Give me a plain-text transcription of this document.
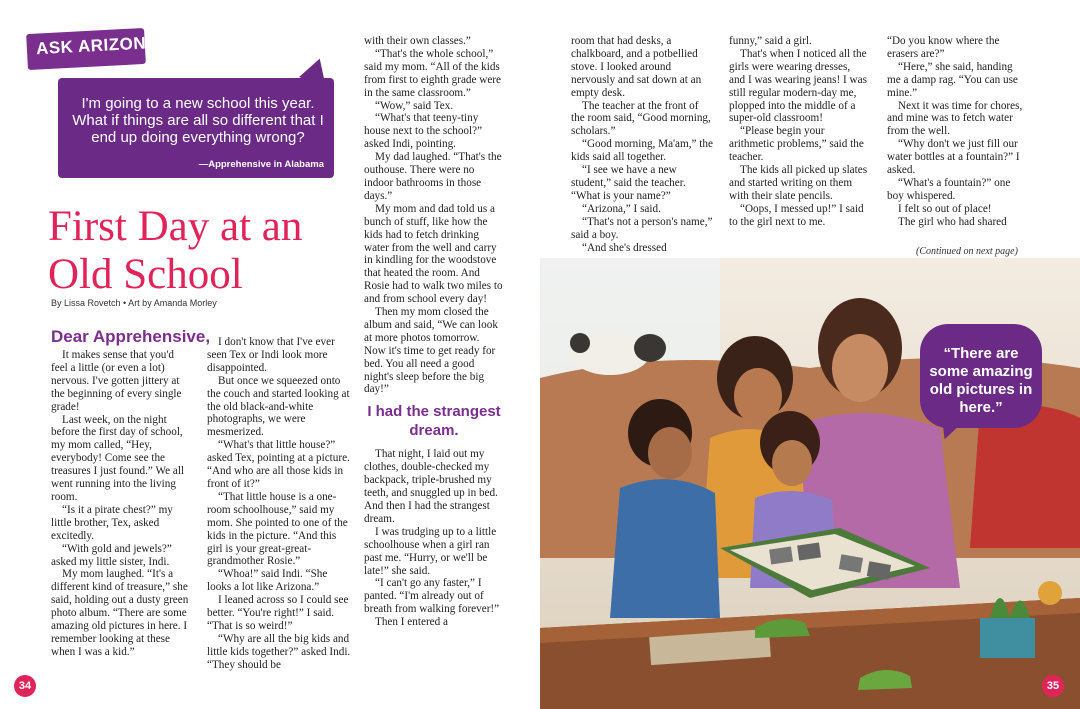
ASK ARIZONA
I'm going to a new school this year. What if things are all so different that I end up doing everything wrong?
—Apprehensive in Alabama
First Day at an Old School
By Lissa Rovetch • Art by Amanda Morley
Dear Apprehensive,

It makes sense that you'd feel a little (or even a lot) nervous. I've gotten jittery at the beginning of every single grade!

Last week, on the night before the first day of school, my mom called, “Hey, everybody! Come see the treasures I just found.” We all went running into the living room.

“Is it a pirate chest?” my little brother, Tex, asked excitedly.

“With gold and jewels?” asked my little sister, Indi.

My mom laughed. “It's a different kind of treasure,” she said, holding out a dusty green photo album. “There are some amazing old pictures in here. I remember looking at these when I was a kid.”

I don't know that I've ever seen Tex or Indi look more disappointed.

But once we squeezed onto the couch and started looking at the old black-and-white photographs, we were mesmerized.

“What's that little house?” asked Tex, pointing at a picture. “And who are all those kids in front of it?”

“That little house is a one-room schoolhouse,” said my mom. She pointed to one of the kids in the picture. “And this girl is your great-great-grandmother Rosie.”

“Whoa!” said Indi. “She looks a lot like Arizona.”

I leaned across so I could see better. “You're right!” I said. “That is so weird!”

“Why are all the big kids and little kids together?” asked Indi. “They should be

with their own classes.”

“That's the whole school,” said my mom. “All of the kids from first to eighth grade were in the same classroom.”

“Wow,” said Tex.

“What's that teeny-tiny house next to the school?” asked Indi, pointing.

My dad laughed. “That's the outhouse. There were no indoor bathrooms in those days.”

My mom and dad told us a bunch of stuff, like how the kids had to fetch drinking water from the well and carry in kindling for the woodstove that heated the room. And Rosie had to walk two miles to and from school every day!

Then my mom closed the album and said, “We can look at more photos tomorrow. Now it's time to get ready for bed. You all need a good night's sleep before the big day!”

I had the strangest dream.

That night, I laid out my clothes, double-checked my backpack, triple-brushed my teeth, and snuggled up in bed. And then I had the strangest dream.

I was trudging up to a little schoolhouse when a girl ran past me. “Hurry, or we'll be late!” she said.

“I can't go any faster,” I panted. “I'm already out of breath from walking forever!”

Then I entered a

room that had desks, a chalkboard, and a potbellied stove. I looked around nervously and sat down at an empty desk.

The teacher at the front of the room said, “Good morning, scholars.”

“Good morning, Ma'am,” the kids said all together.

“I see we have a new student,” said the teacher. “What is your name?”

“Arizona,” I said.

“That's not a person's name,” said a boy.

“And she's dressed

funny,” said a girl.

That's when I noticed all the girls were wearing dresses, and I was wearing jeans! I was still regular modern-day me, plopped into the middle of a super-old classroom!

“Please begin your arithmetic problems,” said the teacher.

The kids all picked up slates and started writing on them with their slate pencils.

“Oops, I messed up!” I said to the girl next to me.

“Do you know where the erasers are?”

“Here,” she said, handing me a damp rag. “You can use mine.”

Next it was time for chores, and mine was to fetch water from the well.

“Why don't we just fill our water bottles at a fountain?” I asked.

“What's a fountain?” one boy whispered.

I felt so out of place!

The girl who had shared

(Continued on next page)
“There are some amazing old pictures in here.”
34	35
